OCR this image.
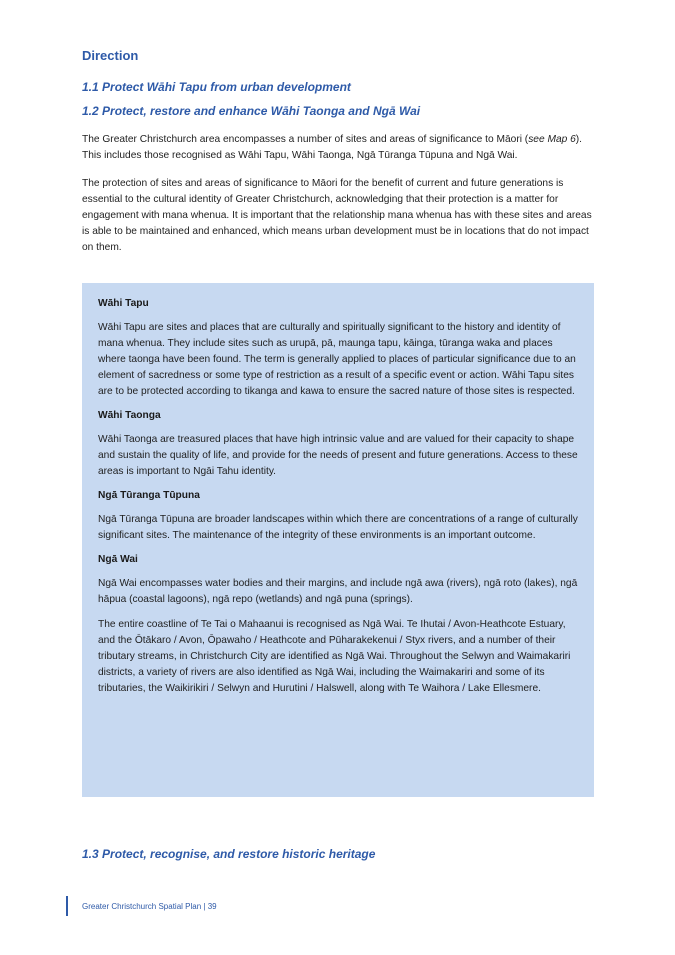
Direction
1.1 Protect Wāhi Tapu from urban development
1.2 Protect, restore and enhance Wāhi Taonga and Ngā Wai

The Greater Christchurch area encompasses a number of sites and areas of significance to Māori (see Map 6). This includes those recognised as Wāhi Tapu, Wāhi Taonga, Ngā Tūranga Tūpuna and Ngā Wai.

The protection of sites and areas of significance to Māori for the benefit of current and future generations is essential to the cultural identity of Greater Christchurch, acknowledging that their protection is a matter for engagement with mana whenua. It is important that the relationship mana whenua has with these sites and areas is able to be maintained and enhanced, which means urban development must be in locations that do not impact on them.

Wāhi Tapu

Wāhi Tapu are sites and places that are culturally and spiritually significant to the history and identity of mana whenua. They include sites such as urupā, pā, maunga tapu, kāinga, tūranga waka and places where taonga have been found. The term is generally applied to places of particular significance due to an element of sacredness or some type of restriction as a result of a specific event or action. Wāhi Tapu sites are to be protected according to tikanga and kawa to ensure the sacred nature of those sites is respected.

Wāhi Taonga

Wāhi Taonga are treasured places that have high intrinsic value and are valued for their capacity to shape and sustain the quality of life, and provide for the needs of present and future generations. Access to these areas is important to Ngāi Tahu identity.

Ngā Tūranga Tūpuna

Ngā Tūranga Tūpuna are broader landscapes within which there are concentrations of a range of culturally significant sites. The maintenance of the integrity of these environments is an important outcome.

Ngā Wai

Ngā Wai encompasses water bodies and their margins, and include ngā awa (rivers), ngā roto (lakes), ngā hāpua (coastal lagoons), ngā repo (wetlands) and ngā puna (springs).

The entire coastline of Te Tai o Mahaanui is recognised as Ngā Wai. Te Ihutai / Avon-Heathcote Estuary, and the Ōtākaro / Avon, Ōpawaho / Heathcote and Pūharakekenui / Styx rivers, and a number of their tributary streams, in Christchurch City are identified as Ngā Wai. Throughout the Selwyn and Waimakariri districts, a variety of rivers are also identified as Ngā Wai, including the Waimakariri and some of its tributaries, the Waikirikiri / Selwyn and Hurutini / Halswell, along with Te Waihora / Lake Ellesmere.

1.3 Protect, recognise, and restore historic heritage

Greater Christchurch Spatial Plan | 39
